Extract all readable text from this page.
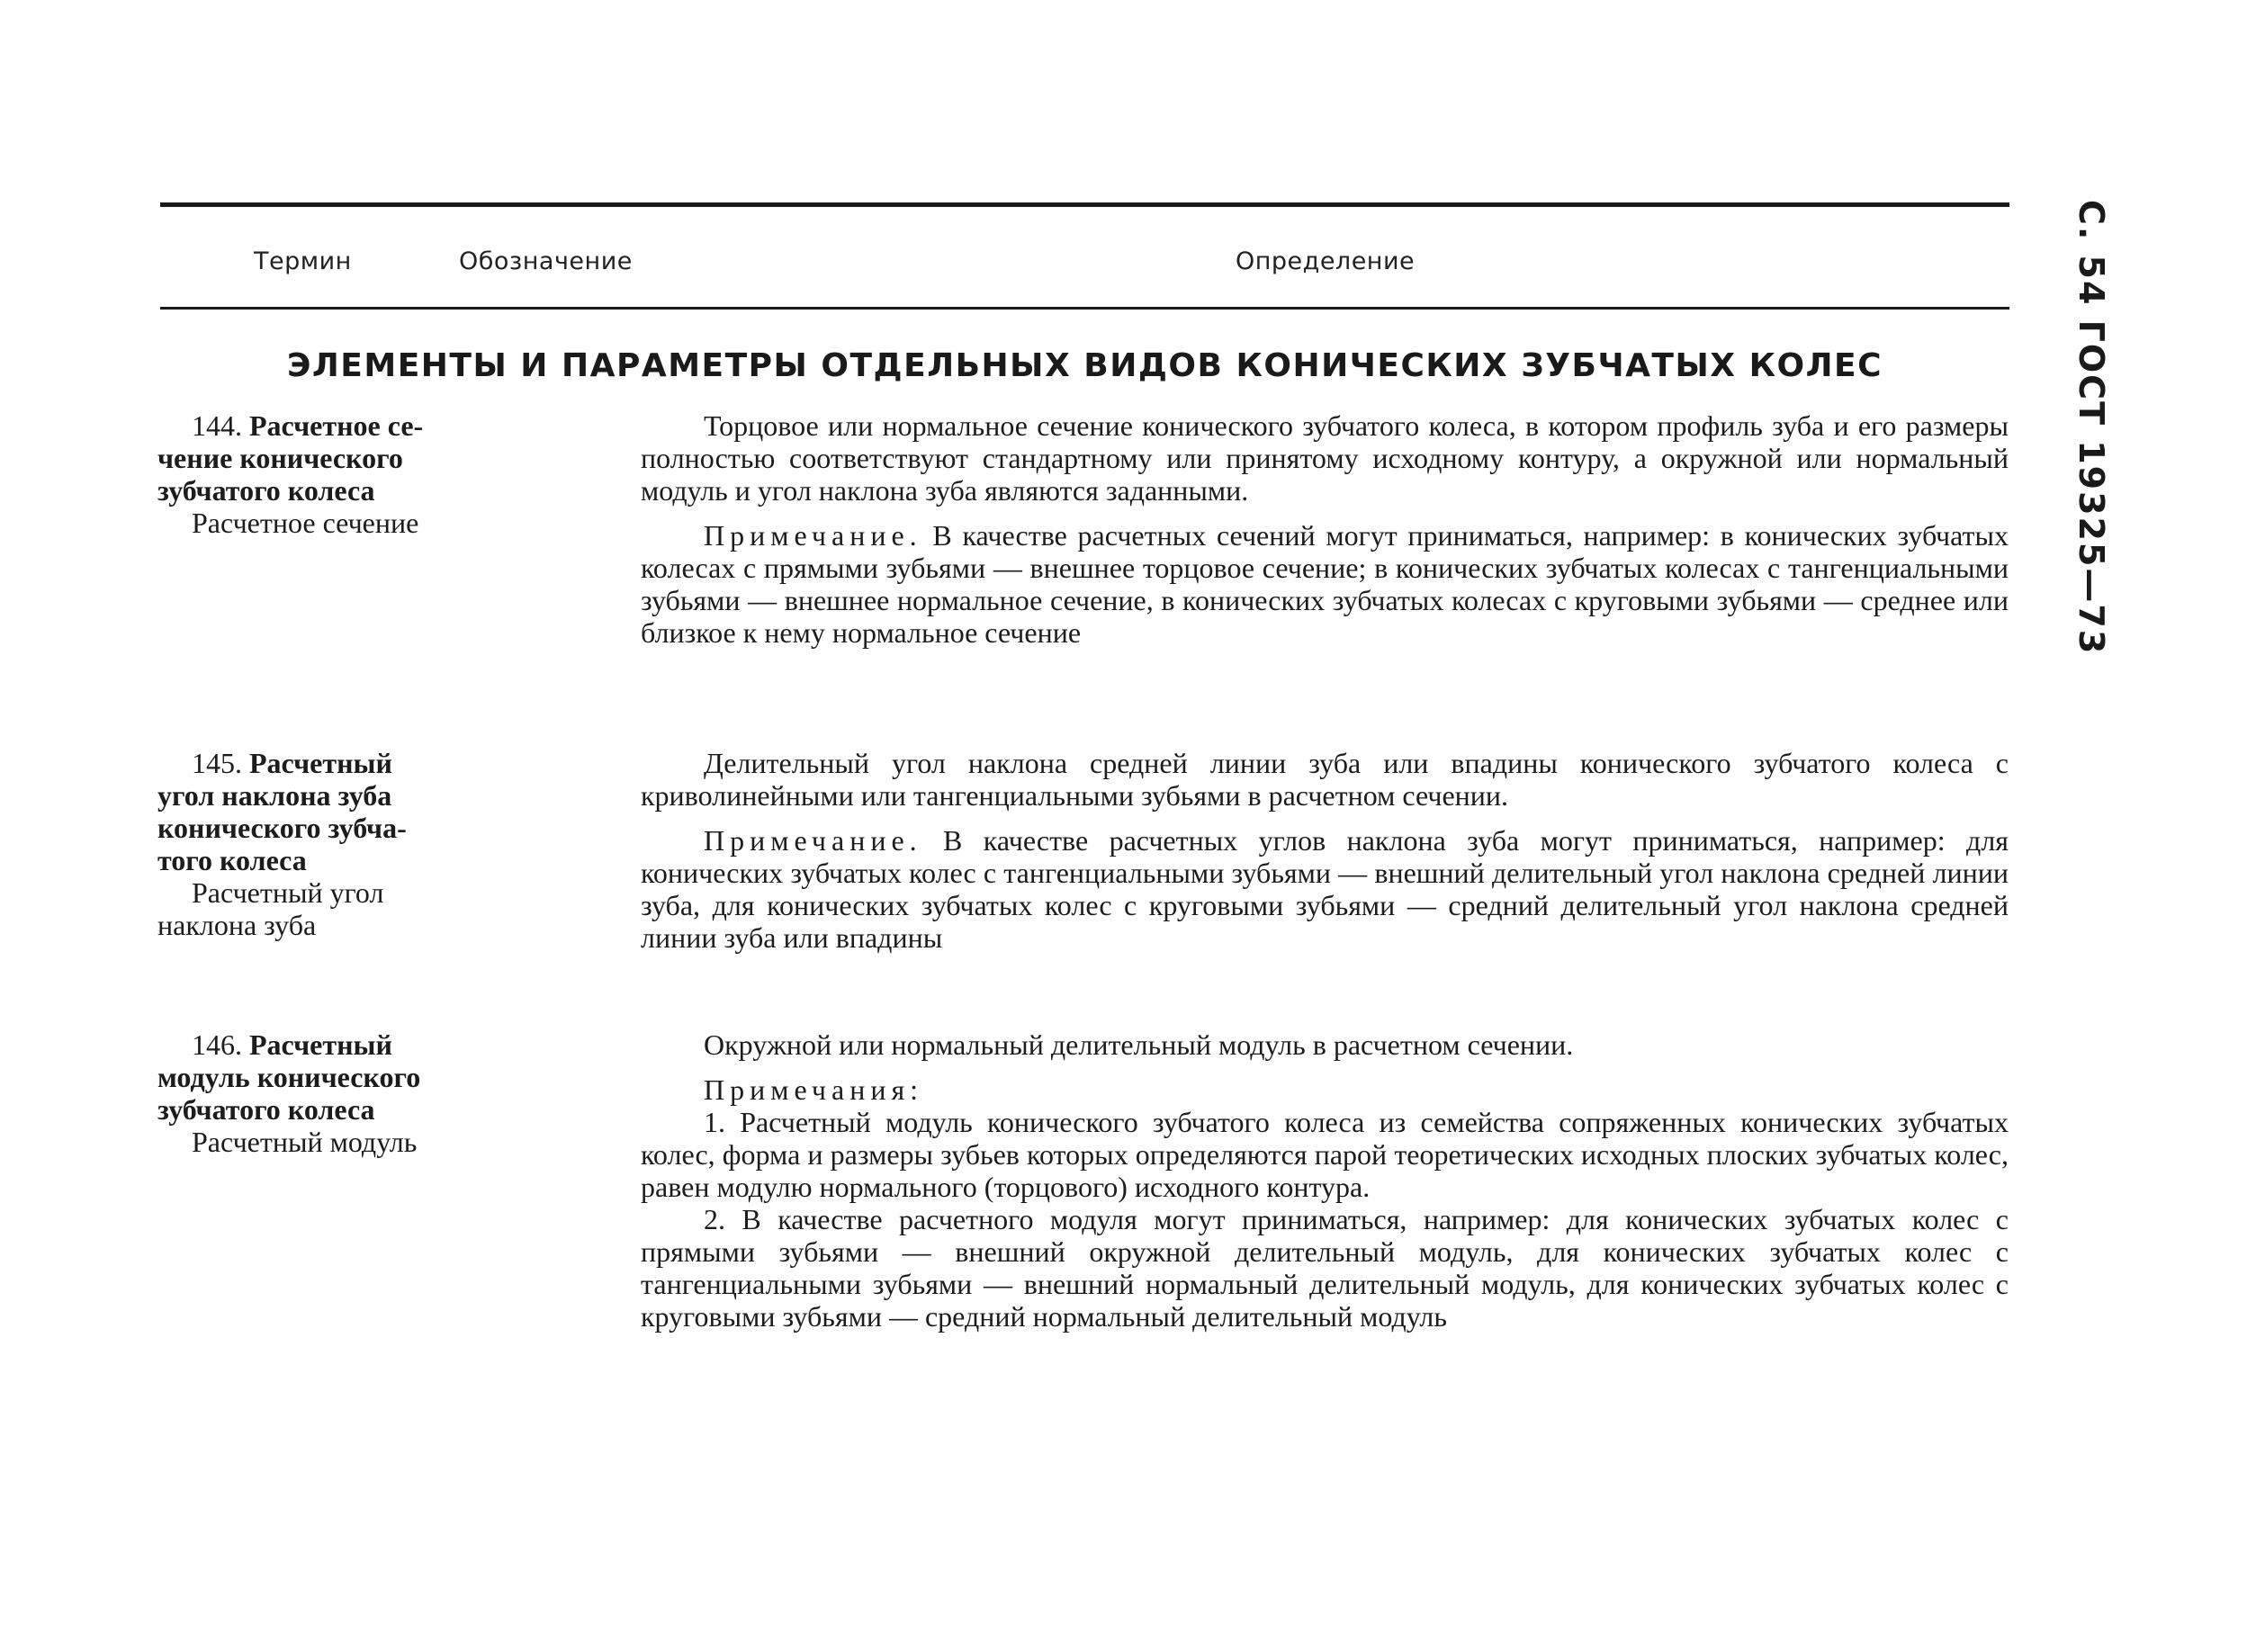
С. 54 ГОСТ 19325—73
Термин	Обозначение	Определение
ЭЛЕМЕНТЫ И ПАРАМЕТРЫ ОТДЕЛЬНЫХ ВИДОВ КОНИЧЕСКИХ ЗУБЧАТЫХ КОЛЕС
144. Расчетное се-
чение конического
зубчатого колеса
Расчетное сечение

Торцовое или нормальное сечение конического зубчатого колеса, в котором профиль зуба и его размеры полностью соответствуют стандартному или принятому исходному контуру, а окружной или нормальный модуль и угол наклона зуба являются заданными.

Примечание. В качестве расчетных сечений могут приниматься, например: в конических зубчатых колесах с прямыми зубьями — внешнее торцовое сечение; в конических зубчатых колесах с тангенциальными зубьями — внешнее нормальное сечение, в конических зубчатых колесах с круговыми зубьями — среднее или близкое к нему нормальное сечение

145. Расчетный
угол наклона зуба
конического зубча-
того колеса
Расчетный угол
наклона зуба

Делительный угол наклона средней линии зуба или впадины конического зубчатого колеса с криволинейными или тангенциальными зубьями в расчетном сечении.

Примечание. В качестве расчетных углов наклона зуба могут приниматься, например: для конических зубчатых колес с тангенциальными зубьями — внешний делительный угол наклона средней линии зуба, для конических зубчатых колес с круговыми зубьями — средний делительный угол наклона средней линии зуба или впадины

146. Расчетный
модуль конического
зубчатого колеса
Расчетный модуль

Окружной или нормальный делительный модуль в расчетном сечении.

Примечания:

1. Расчетный модуль конического зубчатого колеса из семейства сопряженных конических зубчатых колес, форма и размеры зубьев которых определяются парой теоретических исходных плоских зубчатых колес, равен модулю нормального (торцового) исходного контура.

2. В качестве расчетного модуля могут приниматься, например: для конических зубчатых колес с прямыми зубьями — внешний окружной делительный модуль, для конических зубчатых колес с тангенциальными зубьями — внешний нормальный делительный модуль, для конических зубчатых колес с круговыми зубьями — средний нормальный делительный модуль
